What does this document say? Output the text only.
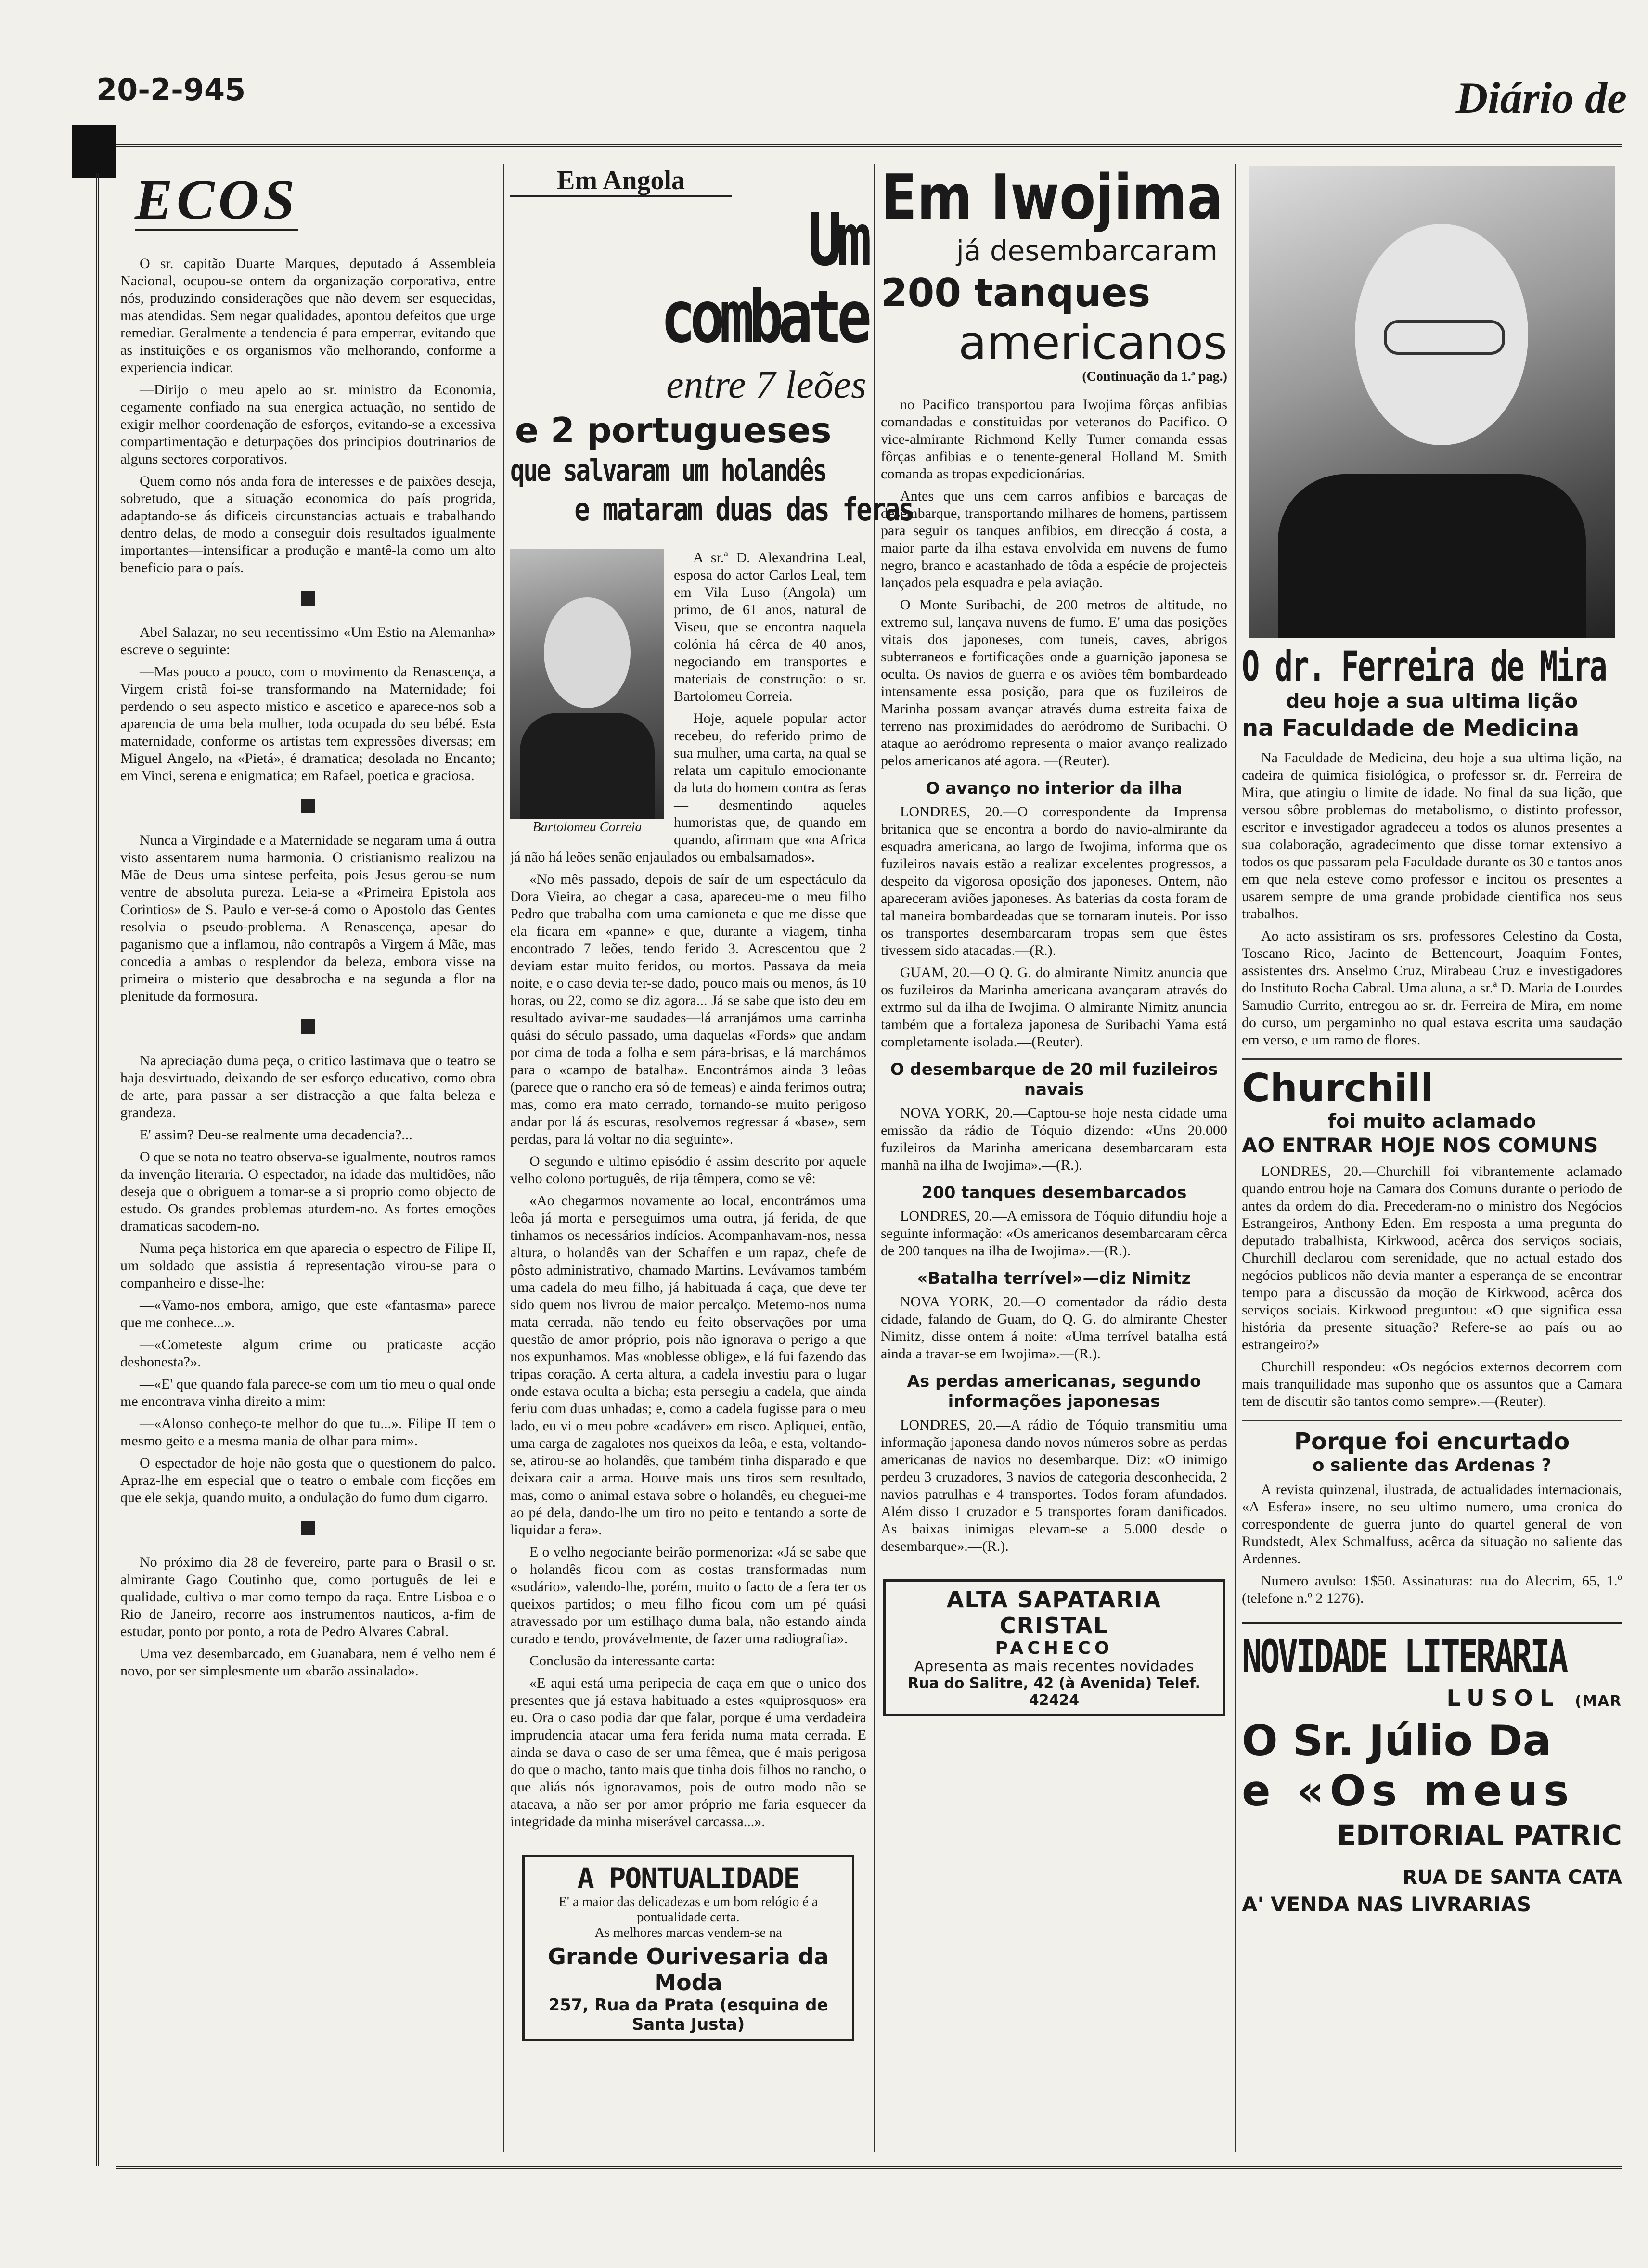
20-2-945	Diário de
ECOS

O sr. capitão Duarte Marques, deputado á Assembleia Nacional, ocupou-se ontem da organização corporativa, entre nós, produzindo considerações que não devem ser esquecidas, mas atendidas. Sem negar qualidades, apontou defeitos que urge remediar. Geralmente a tendencia é para emperrar, evitando que as instituições e os organismos vão melhorando, conforme a experiencia indicar.

—Dirijo o meu apelo ao sr. ministro da Economia, cegamente confiado na sua energica actuação, no sentido de exigir melhor coordenação de esforços, evitando-se a excessiva compartimentação e deturpações dos principios doutrinarios de alguns sectores corporativos.

Quem como nós anda fora de interesses e de paixões deseja, sobretudo, que a situação economica do país progrida, adaptando-se ás dificeis circunstancias actuais e trabalhando dentro delas, de modo a conseguir dois resultados igualmente importantes—intensificar a produção e mantê-la como um alto beneficio para o país.

Abel Salazar, no seu recentissimo «Um Estio na Alemanha» escreve o seguinte:

—Mas pouco a pouco, com o movimento da Renascença, a Virgem cristã foi-se transformando na Maternidade; foi perdendo o seu aspecto mistico e ascetico e aparece-nos sob a aparencia de uma bela mulher, toda ocupada do seu bébé. Esta maternidade, conforme os artistas tem expressões diversas; em Miguel Angelo, na «Pietá», é dramatica; desolada no Encanto; em Vinci, serena e enigmatica; em Rafael, poetica e graciosa.

Nunca a Virgindade e a Maternidade se negaram uma á outra visto assentarem numa harmonia. O cristianismo realizou na Mãe de Deus uma sintese perfeita, pois Jesus gerou-se num ventre de absoluta pureza. Leia-se a «Primeira Epistola aos Corintios» de S. Paulo e ver-se-á como o Apostolo das Gentes resolvia o pseudo-problema. A Renascença, apesar do paganismo que a inflamou, não contrapôs a Virgem á Mãe, mas concedia a ambas o resplendor da beleza, embora visse na primeira o misterio que desabrocha e na segunda a flor na plenitude da formosura.

Na apreciação duma peça, o critico lastimava que o teatro se haja desvirtuado, deixando de ser esforço educativo, como obra de arte, para passar a ser distracção a que falta beleza e grandeza.

E' assim? Deu-se realmente uma decadencia?...

O que se nota no teatro observa-se igualmente, noutros ramos da invenção literaria. O espectador, na idade das multidões, não deseja que o obriguem a tomar-se a si proprio como objecto de estudo. Os grandes problemas aturdem-no. As fortes emoções dramaticas sacodem-no.

Numa peça historica em que aparecia o espectro de Filipe II, um soldado que assistia á representação virou-se para o companheiro e disse-lhe:

—«Vamo-nos embora, amigo, que este «fantasma» parece que me conhece...».

—«Cometeste algum crime ou praticaste acção deshonesta?».

—«E' que quando fala parece-se com um tio meu o qual onde me encontrava vinha direito a mim:

—«Alonso conheço-te melhor do que tu...». Filipe II tem o mesmo geito e a mesma mania de olhar para mim».

O espectador de hoje não gosta que o questionem do palco. Apraz-lhe em especial que o teatro o embale com ficções em que ele sekja, quando muito, a ondulação do fumo dum cigarro.

No próximo dia 28 de fevereiro, parte para o Brasil o sr. almirante Gago Coutinho que, como português de lei e qualidade, cultiva o mar como tempo da raça. Entre Lisboa e o Rio de Janeiro, recorre aos instrumentos nauticos, a-fim de estudar, ponto por ponto, a rota de Pedro Alvares Cabral.

Uma vez desembarcado, em Guanabara, nem é velho nem é novo, por ser simplesmente um «barão assinalado».

Em Angola
Um combate
entre 7 leões
e 2 portugueses
que salvaram um holandês
e mataram duas das feras
Bartolomeu Correia

A sr.ª D. Alexandrina Leal, esposa do actor Carlos Leal, tem em Vila Luso (Angola) um primo, de 61 anos, natural de Viseu, que se encontra naquela colónia há cêrca de 40 anos, negociando em transportes e materiais de construção: o sr. Bartolomeu Correia.

Hoje, aquele popular actor recebeu, do referido primo de sua mulher, uma carta, na qual se relata um capitulo emocionante da luta do homem contra as feras — desmentindo aqueles humoristas que, de quando em quando, afirmam que «na Africa já não há leões senão enjaulados ou embalsamados».

«No mês passado, depois de saír de um espectáculo da Dora Vieira, ao chegar a casa, apareceu-me o meu filho Pedro que trabalha com uma camioneta e que me disse que ela ficara em «panne» e que, durante a viagem, tinha encontrado 7 leões, tendo ferido 3. Acrescentou que 2 deviam estar muito feridos, ou mortos. Passava da meia noite, e o caso devia ter-se dado, pouco mais ou menos, ás 10 horas, ou 22, como se diz agora... Já se sabe que isto deu em resultado avivar-me saudades—lá arranjámos uma carrinha quási do século passado, uma daquelas «Fords» que andam por cima de toda a folha e sem pára-brisas, e lá marchámos para o «campo de batalha». Encontrámos ainda 3 leôas (parece que o rancho era só de femeas) e ainda ferimos outra; mas, como era mato cerrado, tornando-se muito perigoso andar por lá ás escuras, resolvemos regressar á «base», sem perdas, para lá voltar no dia seguinte».

O segundo e ultimo episódio é assim descrito por aquele velho colono português, de rija têmpera, como se vê:

«Ao chegarmos novamente ao local, encontrámos uma leôa já morta e perseguimos uma outra, já ferida, de que tinhamos os necessários indícios. Acompanhavam-nos, nessa altura, o holandês van der Schaffen e um rapaz, chefe de pôsto administrativo, chamado Martins. Levávamos também uma cadela do meu filho, já habituada á caça, que deve ter sido quem nos livrou de maior percalço. Metemo-nos numa mata cerrada, não tendo eu feito observações por uma questão de amor próprio, pois não ignorava o perigo a que nos expunhamos. Mas «noblesse oblige», e lá fui fazendo das tripas coração. A certa altura, a cadela investiu para o lugar onde estava oculta a bicha; esta persegiu a cadela, que ainda feriu com duas unhadas; e, como a cadela fugisse para o meu lado, eu vi o meu pobre «cadáver» em risco. Apliquei, então, uma carga de zagalotes nos queixos da leôa, e esta, voltando-se, atirou-se ao holandês, que também tinha disparado e que deixara cair a arma. Houve mais uns tiros sem resultado, mas, como o animal estava sobre o holandês, eu cheguei-me ao pé dela, dando-lhe um tiro no peito e tentando a sorte de liquidar a fera».

E o velho negociante beirão pormenoriza: «Já se sabe que o holandês ficou com as costas transformadas num «sudário», valendo-lhe, porém, muito o facto de a fera ter os queixos partidos; o meu filho ficou com um pé quási atravessado por um estilhaço duma bala, não estando ainda curado e tendo, provávelmente, de fazer uma radiografia».

Conclusão da interessante carta:

«E aqui está uma peripecia de caça em que o unico dos presentes que já estava habituado a estes «quiprosquos» era eu. Ora o caso podia dar que falar, porque é uma verdadeira imprudencia atacar uma fera ferida numa mata cerrada. E ainda se dava o caso de ser uma fêmea, que é mais perigosa do que o macho, tanto mais que tinha dois filhos no rancho, o que aliás nós ignoravamos, pois de outro modo não se atacava, a não ser por amor próprio me faria esquecer da integridade da minha miserável carcassa...».

A PONTUALIDADE
E' a maior das delicadezas e um bom relógio é a pontualidade certa.
As melhores marcas vendem-se na
Grande Ourivesaria da Moda
257, Rua da Prata (esquina de Santa Justa)
Em Iwojima
já desembarcaram
200 tanques
americanos
(Continuação da 1.ª pag.)

no Pacifico transportou para Iwojima fôrças anfibias comandadas e constituidas por veteranos do Pacifico. O vice-almirante Richmond Kelly Turner comanda essas fôrças anfibias e o tenente-general Holland M. Smith comanda as tropas expedicionárias.

Antes que uns cem carros anfibios e barcaças de desembarque, transportando milhares de homens, partissem para seguir os tanques anfibios, em direcção á costa, a maior parte da ilha estava envolvida em nuvens de fumo negro, branco e acastanhado de tôda a espécie de projecteis lançados pela esquadra e pela aviação.

O Monte Suribachi, de 200 metros de altitude, no extremo sul, lançava nuvens de fumo. E' uma das posições vitais dos japoneses, com tuneis, caves, abrigos subterraneos e fortificações onde a guarnição japonesa se oculta. Os navios de guerra e os aviões têm bombardeado intensamente essa posição, para que os fuzileiros de Marinha possam avançar através duma estreita faixa de terreno nas proximidades do aeródromo de Suribachi. O ataque ao aeródromo representa o maior avanço realizado pelos americanos até agora. —(Reuter).

O avanço no interior da ilha

LONDRES, 20.—O correspondente da Imprensa britanica que se encontra a bordo do navio-almirante da esquadra americana, ao largo de Iwojima, informa que os fuzileiros navais estão a realizar excelentes progressos, a despeito da vigorosa oposição dos japoneses. Ontem, não apareceram aviões japoneses. As baterias da costa foram de tal maneira bombardeadas que se tornaram inuteis. Por isso os transportes desembarcaram tropas sem que êstes tivessem sido atacadas.—(R.).

GUAM, 20.—O Q. G. do almirante Nimitz anuncia que os fuzileiros da Marinha americana avançaram através do extrmo sul da ilha de Iwojima. O almirante Nimitz anuncia também que a fortaleza japonesa de Suribachi Yama está completamente isolada.—(Reuter).

O desembarque de 20 mil fuzileiros navais

NOVA YORK, 20.—Captou-se hoje nesta cidade uma emissão da rádio de Tóquio dizendo: «Uns 20.000 fuzileiros da Marinha americana desembarcaram esta manhã na ilha de Iwojima».—(R.).

200 tanques desembarcados

LONDRES, 20.—A emissora de Tóquio difundiu hoje a seguinte informação: «Os americanos desembarcaram cêrca de 200 tanques na ilha de Iwojima».—(R.).

«Batalha terrível»—diz Nimitz

NOVA YORK, 20.—O comentador da rádio desta cidade, falando de Guam, do Q. G. do almirante Chester Nimitz, disse ontem á noite: «Uma terrível batalha está ainda a travar-se em Iwojima».—(R.).

As perdas americanas, segundo informações japonesas

LONDRES, 20.—A rádio de Tóquio transmitiu uma informação japonesa dando novos números sobre as perdas americanas de navios no desembarque. Diz: «O inimigo perdeu 3 cruzadores, 3 navios de categoria desconhecida, 2 navios patrulhas e 4 transportes. Todos foram afundados. Além disso 1 cruzador e 5 transportes foram danificados. As baixas inimigas elevam-se a 5.000 desde o desembarque».—(R.).

ALTA SAPATARIA CRISTAL
PACHECO
Apresenta as mais recentes novidades
Rua do Salitre, 42 (à Avenida) Telef. 42424
O dr. Ferreira de Mira
deu hoje a sua ultima lição
na Faculdade de Medicina

Na Faculdade de Medicina, deu hoje a sua ultima lição, na cadeira de quimica fisiológica, o professor sr. dr. Ferreira de Mira, que atingiu o limite de idade. No final da sua lição, que versou sôbre problemas do metabolismo, o distinto professor, escritor e investigador agradeceu a todos os alunos presentes a sua colaboração, agradecimento que disse tornar extensivo a todos os que passaram pela Faculdade durante os 30 e tantos anos em que nela esteve como professor e incitou os presentes a usarem sempre de uma grande probidade cientifica nos seus trabalhos.

Ao acto assistiram os srs. professores Celestino da Costa, Toscano Rico, Jacinto de Bettencourt, Joaquim Fontes, assistentes drs. Anselmo Cruz, Mirabeau Cruz e investigadores do Instituto Rocha Cabral. Uma aluna, a sr.ª D. Maria de Lourdes Samudio Currito, entregou ao sr. dr. Ferreira de Mira, em nome do curso, um pergaminho no qual estava escrita uma saudação em verso, e um ramo de flores.

Churchill
foi muito aclamado
AO ENTRAR HOJE NOS COMUNS

LONDRES, 20.—Churchill foi vibrantemente aclamado quando entrou hoje na Camara dos Comuns durante o periodo de antes da ordem do dia. Precederam-no o ministro dos Negócios Estrangeiros, Anthony Eden. Em resposta a uma pregunta do deputado trabalhista, Kirkwood, acêrca dos serviços sociais, Churchill declarou com serenidade, que no actual estado dos negócios publicos não devia manter a esperança de se encontrar tempo para a discussão da moção de Kirkwood, acêrca dos serviços sociais. Kirkwood preguntou: «O que significa essa história da presente situação? Refere-se ao país ou ao estrangeiro?»

Churchill respondeu: «Os negócios externos decorrem com mais tranquilidade mas suponho que os assuntos que a Camara tem de discutir são tantos como sempre».—(Reuter).

Porque foi encurtado
o saliente das Ardenas ?

A revista quinzenal, ilustrada, de actualidades internacionais, «A Esfera» insere, no seu ultimo numero, uma cronica do correspondente de guerra junto do quartel general de von Rundstedt, Alex Schmalfuss, acêrca da situação no saliente das Ardennes.

Numero avulso: 1$50. Assinaturas: rua do Alecrim, 65, 1.º (telefone n.º 2 1276).

NOVIDADE LITERARIA
LUSOL (MAR
O Sr. Júlio Da
e «Os meus
EDITORIAL PATRIC
RUA DE SANTA CATA
A' VENDA NAS LIVRARIAS
